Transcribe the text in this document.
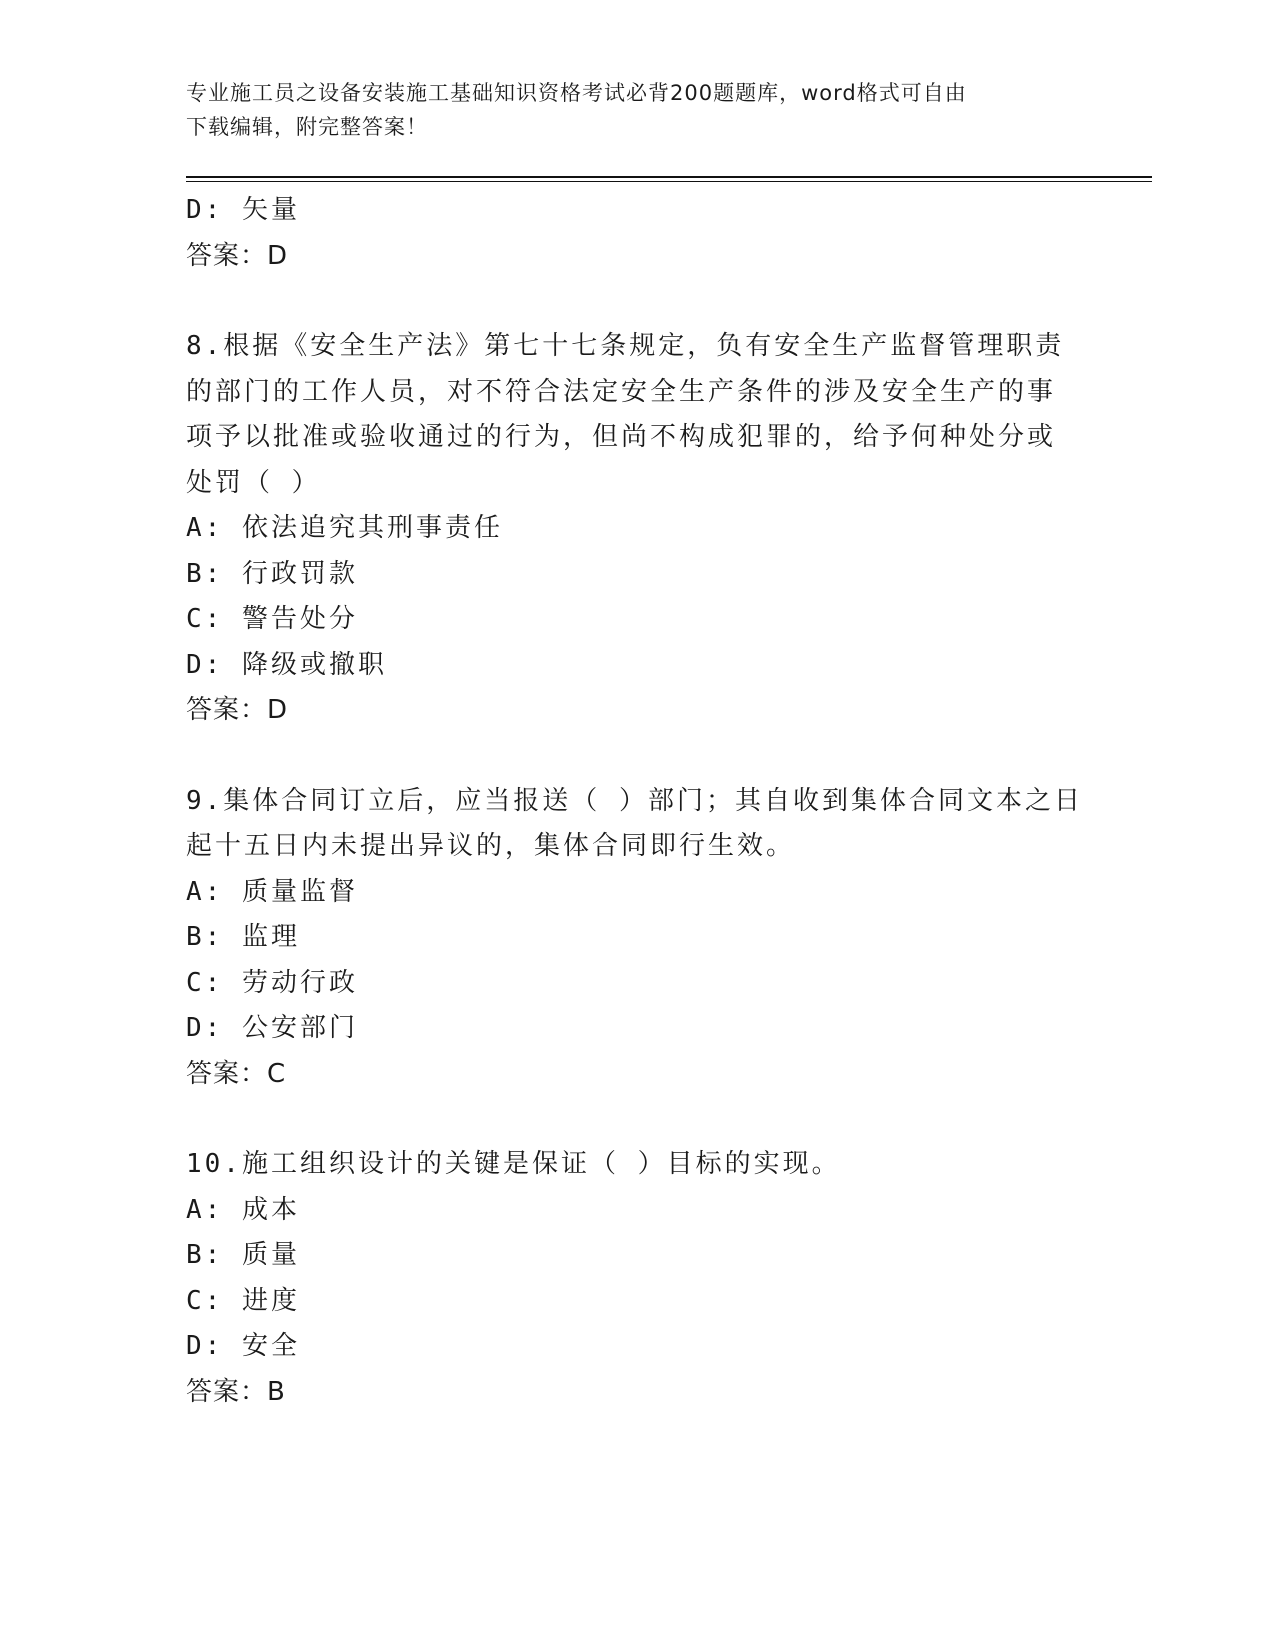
专业施工员之设备安装施工基础知识资格考试必背200题题库，word格式可自由
下载编辑，附完整答案！
D: 矢量
答案：D
8.根据《安全生产法》第七十七条规定，负有安全生产监督管理职责
的部门的工作人员，对不符合法定安全生产条件的涉及安全生产的事
项予以批准或验收通过的行为，但尚不构成犯罪的，给予何种处分或
处罚（ ）
A: 依法追究其刑事责任
B: 行政罚款
C: 警告处分
D: 降级或撤职
答案：D
9.集体合同订立后，应当报送（ ）部门；其自收到集体合同文本之日
起十五日内未提出异议的，集体合同即行生效。
A: 质量监督
B: 监理
C: 劳动行政
D: 公安部门
答案：C
10.施工组织设计的关键是保证（ ）目标的实现。
A: 成本
B: 质量
C: 进度
D: 安全
答案：B
